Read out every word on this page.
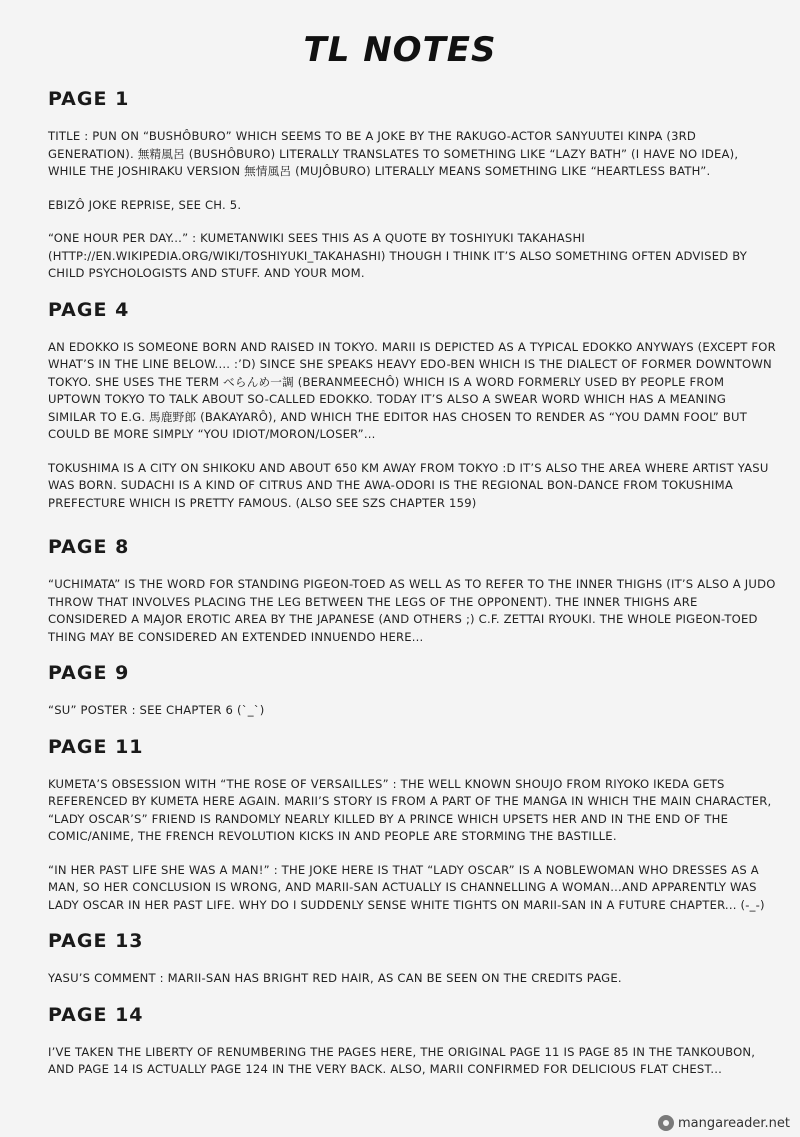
TL NOTES
PAGE 1

TITLE : PUN ON “BUSHÔBURO” WHICH SEEMS TO BE A JOKE BY THE RAKUGO-ACTOR SANYUUTEI KINPA (3RD GENERATION). 無精風呂 (BUSHÔBURO) LITERALLY TRANSLATES TO SOMETHING LIKE “LAZY BATH” (I HAVE NO IDEA), WHILE THE JOSHIRAKU VERSION 無情風呂 (MUJÔBURO) LITERALLY MEANS SOMETHING LIKE “HEARTLESS BATH”.

EBIZÔ JOKE REPRISE, SEE CH. 5.

“ONE HOUR PER DAY...” : KUMETANWIKI SEES THIS AS A QUOTE BY TOSHIYUKI TAKAHASHI (HTTP://EN.WIKIPEDIA.ORG/WIKI/TOSHIYUKI_TAKAHASHI) THOUGH I THINK IT’S ALSO SOMETHING OFTEN ADVISED BY CHILD PSYCHOLOGISTS AND STUFF. AND YOUR MOM.

PAGE 4

AN EDOKKO IS SOMEONE BORN AND RAISED IN TOKYO. MARII IS DEPICTED AS A TYPICAL EDOKKO ANYWAYS (EXCEPT FOR WHAT’S IN THE LINE BELOW.... :’D) SINCE SHE SPEAKS HEAVY EDO-BEN WHICH IS THE DIALECT OF FORMER DOWNTOWN TOKYO. SHE USES THE TERM べらんめ一調 (BERANMEECHÔ) WHICH IS A WORD FORMERLY USED BY PEOPLE FROM UPTOWN TOKYO TO TALK ABOUT SO-CALLED EDOKKO. TODAY IT’S ALSO A SWEAR WORD WHICH HAS A MEANING SIMILAR TO E.G. 馬鹿野郎 (BAKAYARÔ), AND WHICH THE EDITOR HAS CHOSEN TO RENDER AS “YOU DAMN FOOL” BUT COULD BE MORE SIMPLY “YOU IDIOT/MORON/LOSER”...

TOKUSHIMA IS A CITY ON SHIKOKU AND ABOUT 650 KM AWAY FROM TOKYO :D IT’S ALSO THE AREA WHERE ARTIST YASU WAS BORN. SUDACHI IS A KIND OF CITRUS AND THE AWA-ODORI IS THE REGIONAL BON-DANCE FROM TOKUSHIMA PREFECTURE WHICH IS PRETTY FAMOUS. (ALSO SEE SZS CHAPTER 159)

PAGE 8

“UCHIMATA” IS THE WORD FOR STANDING PIGEON-TOED AS WELL AS TO REFER TO THE INNER THIGHS (IT’S ALSO A JUDO THROW THAT INVOLVES PLACING THE LEG BETWEEN THE LEGS OF THE OPPONENT). THE INNER THIGHS ARE CONSIDERED A MAJOR EROTIC AREA BY THE JAPANESE (AND OTHERS ;) C.F. ZETTAI RYOUKI. THE WHOLE PIGEON-TOED THING MAY BE CONSIDERED AN EXTENDED INNUENDO HERE...

PAGE 9

“SU” POSTER : SEE CHAPTER 6 (`_`)

PAGE 11

KUMETA’S OBSESSION WITH “THE ROSE OF VERSAILLES” : THE WELL KNOWN SHOUJO FROM RIYOKO IKEDA GETS REFERENCED BY KUMETA HERE AGAIN. MARII’S STORY IS FROM A PART OF THE MANGA IN WHICH THE MAIN CHARACTER, “LADY OSCAR’S” FRIEND IS RANDOMLY NEARLY KILLED BY A PRINCE WHICH UPSETS HER AND IN THE END OF THE COMIC/ANIME, THE FRENCH REVOLUTION KICKS IN AND PEOPLE ARE STORMING THE BASTILLE.

“IN HER PAST LIFE SHE WAS A MAN!” : THE JOKE HERE IS THAT “LADY OSCAR” IS A NOBLEWOMAN WHO DRESSES AS A MAN, SO HER CONCLUSION IS WRONG, AND MARII-SAN ACTUALLY IS CHANNELLING A WOMAN...AND APPARENTLY WAS LADY OSCAR IN HER PAST LIFE. WHY DO I SUDDENLY SENSE WHITE TIGHTS ON MARII-SAN IN A FUTURE CHAPTER... (-_-)

PAGE 13

YASU’S COMMENT : MARII-SAN HAS BRIGHT RED HAIR, AS CAN BE SEEN ON THE CREDITS PAGE.

PAGE 14

I’VE TAKEN THE LIBERTY OF RENUMBERING THE PAGES HERE, THE ORIGINAL PAGE 11 IS PAGE 85 IN THE TANKOUBON, AND PAGE 14 IS ACTUALLY PAGE 124 IN THE VERY BACK. ALSO, MARII CONFIRMED FOR DELICIOUS FLAT CHEST...

mangareader.net
